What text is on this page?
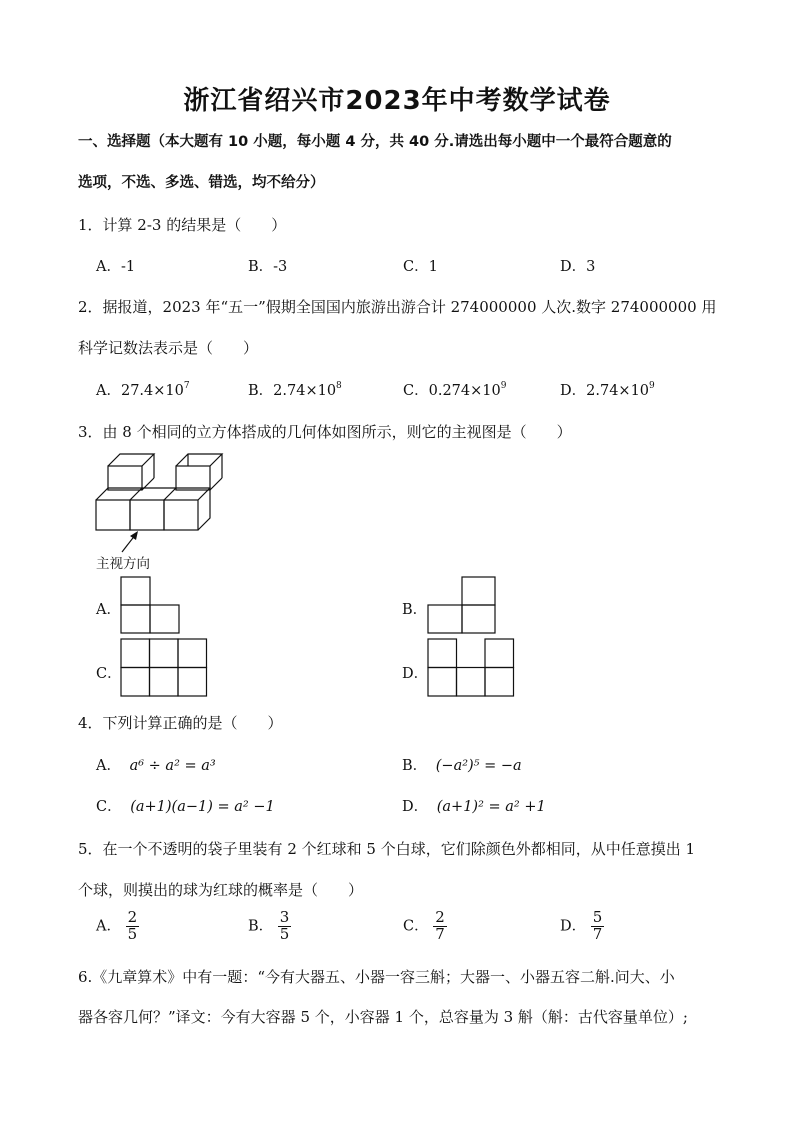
浙江省绍兴市2023年中考数学试卷
一、选择题（本大题有 10 小题，每小题 4 分，共 40 分.请选出每小题中一个最符合题意的
选项，不选、多选、错选，均不给分）
1．计算 2-3 的结果是（　　）
A．-1	B．-3	C．1	D．3
2．据报道，2023 年“五一”假期全国国内旅游出游合计 274000000 人次.数字 274000000 用
科学记数法表示是（　　）
A．$27.4\times 10^7$	B．$2.74\times 10^8$	C．$0.274\times 10^9$	D．$2.74\times 10^9$
3．由 8 个相同的立方体搭成的几何体如图所示，则它的主视图是（　　）
主视方向
A．	B．
C．	D．
4．下列计算正确的是（　　）
A． a⁶ ÷ a² = a³	B． (−a²)⁵ = −a
C． (a+1)(a−1) = a² −1	D． (a+1)² = a² +1
5．在一个不透明的袋子里装有 2 个红球和 5 个白球，它们除颜色外都相同，从中任意摸出 1
个球，则摸出的球为红球的概率是（　　）
A． $\frac{2}{5}$	B． $\frac{3}{5}$	C． $\frac{2}{7}$	D． $\frac{5}{7}$
6.《九章算术》中有一题：“今有大器五、小器一容三斛；大器一、小器五容二斛.问大、小
器各容几何？”译文：今有大容器 5 个，小容器 1 个，总容量为 3 斛（斛：古代容量单位）;
